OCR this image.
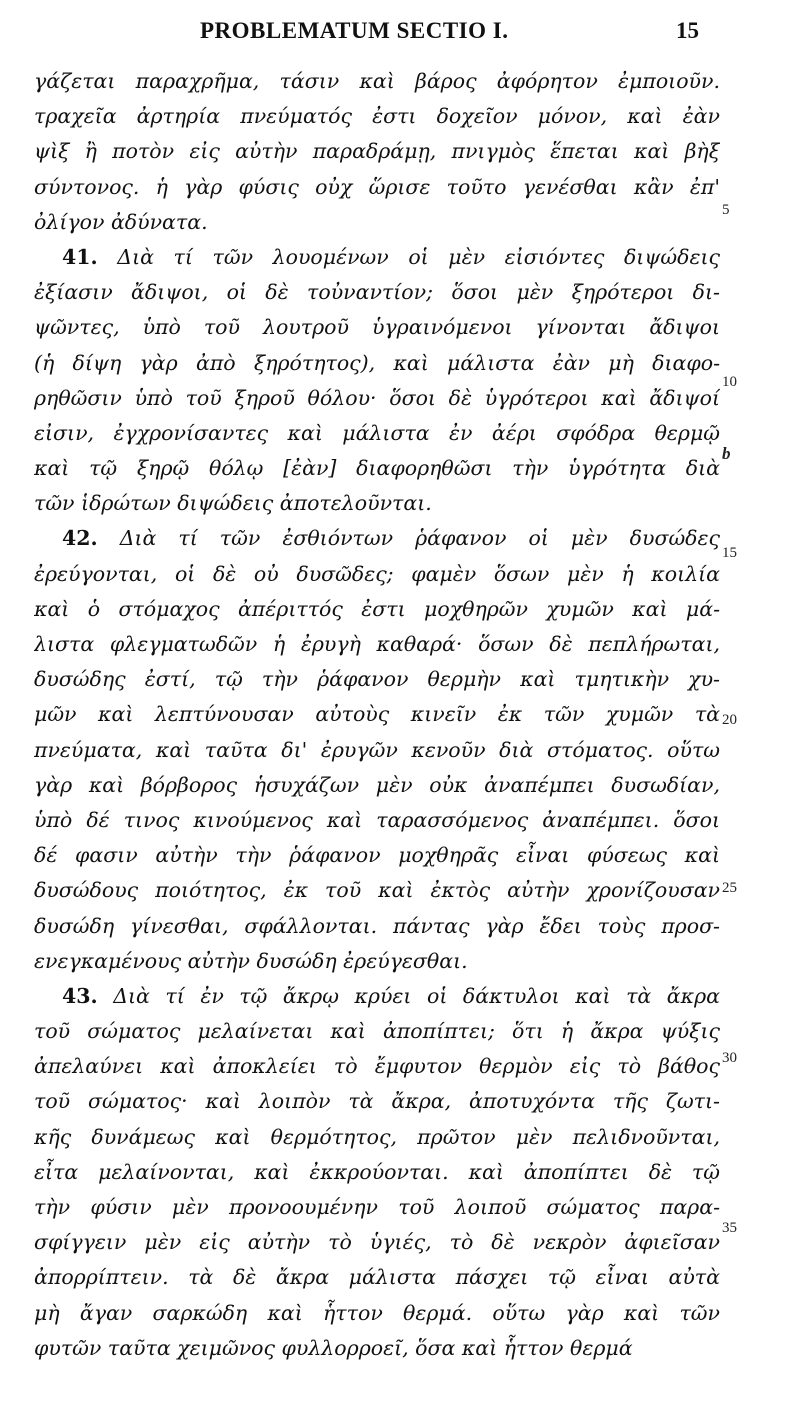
PROBLEMATUM SECTIO I.	15
γάζεται παραχρῆμα, τάσιν καὶ βάρος ἀφόρητον ἐμποιοῦν.
τραχεῖα ἀρτηρία πνεύματός ἐστι δοχεῖον μόνον, καὶ ἐὰν
ψὶξ ἢ ποτὸν εἰς αὐτὴν παραδράμῃ, πνιγμὸς ἕπεται καὶ βὴξ
σύντονος. ἡ γὰρ φύσις οὐχ ὥρισε τοῦτο γενέσθαι κἂν ἐπ'
ὀλίγον ἀδύνατα.
41. Διὰ τί τῶν λουομένων οἱ μὲν εἰσιόντες διψώδεις
ἐξίασιν ἄδιψοι, οἱ δὲ τοὐναντίον; ὅσοι μὲν ξηρότεροι δι-
ψῶντες, ὑπὸ τοῦ λουτροῦ ὑγραινόμενοι γίνονται ἄδιψοι
(ἡ δίψη γὰρ ἀπὸ ξηρότητος), καὶ μάλιστα ἐὰν μὴ διαφο-
ρηθῶσιν ὑπὸ τοῦ ξηροῦ θόλου· ὅσοι δὲ ὑγρότεροι καὶ ἄδιψοί
εἰσιν, ἐγχρονίσαντες καὶ μάλιστα ἐν ἀέρι σφόδρα θερμῷ
καὶ τῷ ξηρῷ θόλῳ [ἐὰν] διαφορηθῶσι τὴν ὑγρότητα διὰ
τῶν ἱδρώτων διψώδεις ἀποτελοῦνται.
42. Διὰ τί τῶν ἐσθιόντων ῥάφανον οἱ μὲν δυσώδες
ἐρεύγονται, οἱ δὲ οὐ δυσῶδες; φαμὲν ὅσων μὲν ἡ κοιλία
καὶ ὁ στόμαχος ἀπέριττός ἐστι μοχθηρῶν χυμῶν καὶ μά-
λιστα φλεγματωδῶν ἡ ἐρυγὴ καθαρά· ὅσων δὲ πεπλήρωται,
δυσώδης ἐστί, τῷ τὴν ῥάφανον θερμὴν καὶ τμητικὴν χυ-
μῶν καὶ λεπτύνουσαν αὐτοὺς κινεῖν ἐκ τῶν χυμῶν τὰ
πνεύματα, καὶ ταῦτα δι' ἐρυγῶν κενοῦν διὰ στόματος. οὕτω
γὰρ καὶ βόρβορος ἡσυχάζων μὲν οὐκ ἀναπέμπει δυσωδίαν,
ὑπὸ δέ τινος κινούμενος καὶ ταρασσόμενος ἀναπέμπει. ὅσοι
δέ φασιν αὐτὴν τὴν ῥάφανον μοχθηρᾶς εἶναι φύσεως καὶ
δυσώδους ποιότητος, ἐκ τοῦ καὶ ἐκτὸς αὐτὴν χρονίζουσαν
δυσώδη γίνεσθαι, σφάλλονται. πάντας γὰρ ἔδει τοὺς προσ-
ενεγκαμένους αὐτὴν δυσώδη ἐρεύγεσθαι.
43. Διὰ τί ἐν τῷ ἄκρῳ κρύει οἱ δάκτυλοι καὶ τὰ ἄκρα
τοῦ σώματος μελαίνεται καὶ ἀποπίπτει; ὅτι ἡ ἄκρα ψύξις
ἀπελαύνει καὶ ἀποκλείει τὸ ἔμφυτον θερμὸν εἰς τὸ βάθος
τοῦ σώματος· καὶ λοιπὸν τὰ ἄκρα, ἀποτυχόντα τῆς ζωτι-
κῆς δυνάμεως καὶ θερμότητος, πρῶτον μὲν πελιδνοῦνται,
εἶτα μελαίνονται, καὶ ἐκκρούονται. καὶ ἀποπίπτει δὲ τῷ
τὴν φύσιν μὲν προνοουμένην τοῦ λοιποῦ σώματος παρα-
σφίγγειν μὲν εἰς αὐτὴν τὸ ὑγιές, τὸ δὲ νεκρὸν ἀφιεῖσαν
ἀπορρίπτειν. τὰ δὲ ἄκρα μάλιστα πάσχει τῷ εἶναι αὐτὰ
μὴ ἄγαν σαρκώδη καὶ ἧττον θερμά. οὕτω γὰρ καὶ τῶν
φυτῶν ταῦτα χειμῶνος φυλλορροεῖ, ὅσα καὶ ἧττον θερμά
5
10
b
15
20
25
30
35
